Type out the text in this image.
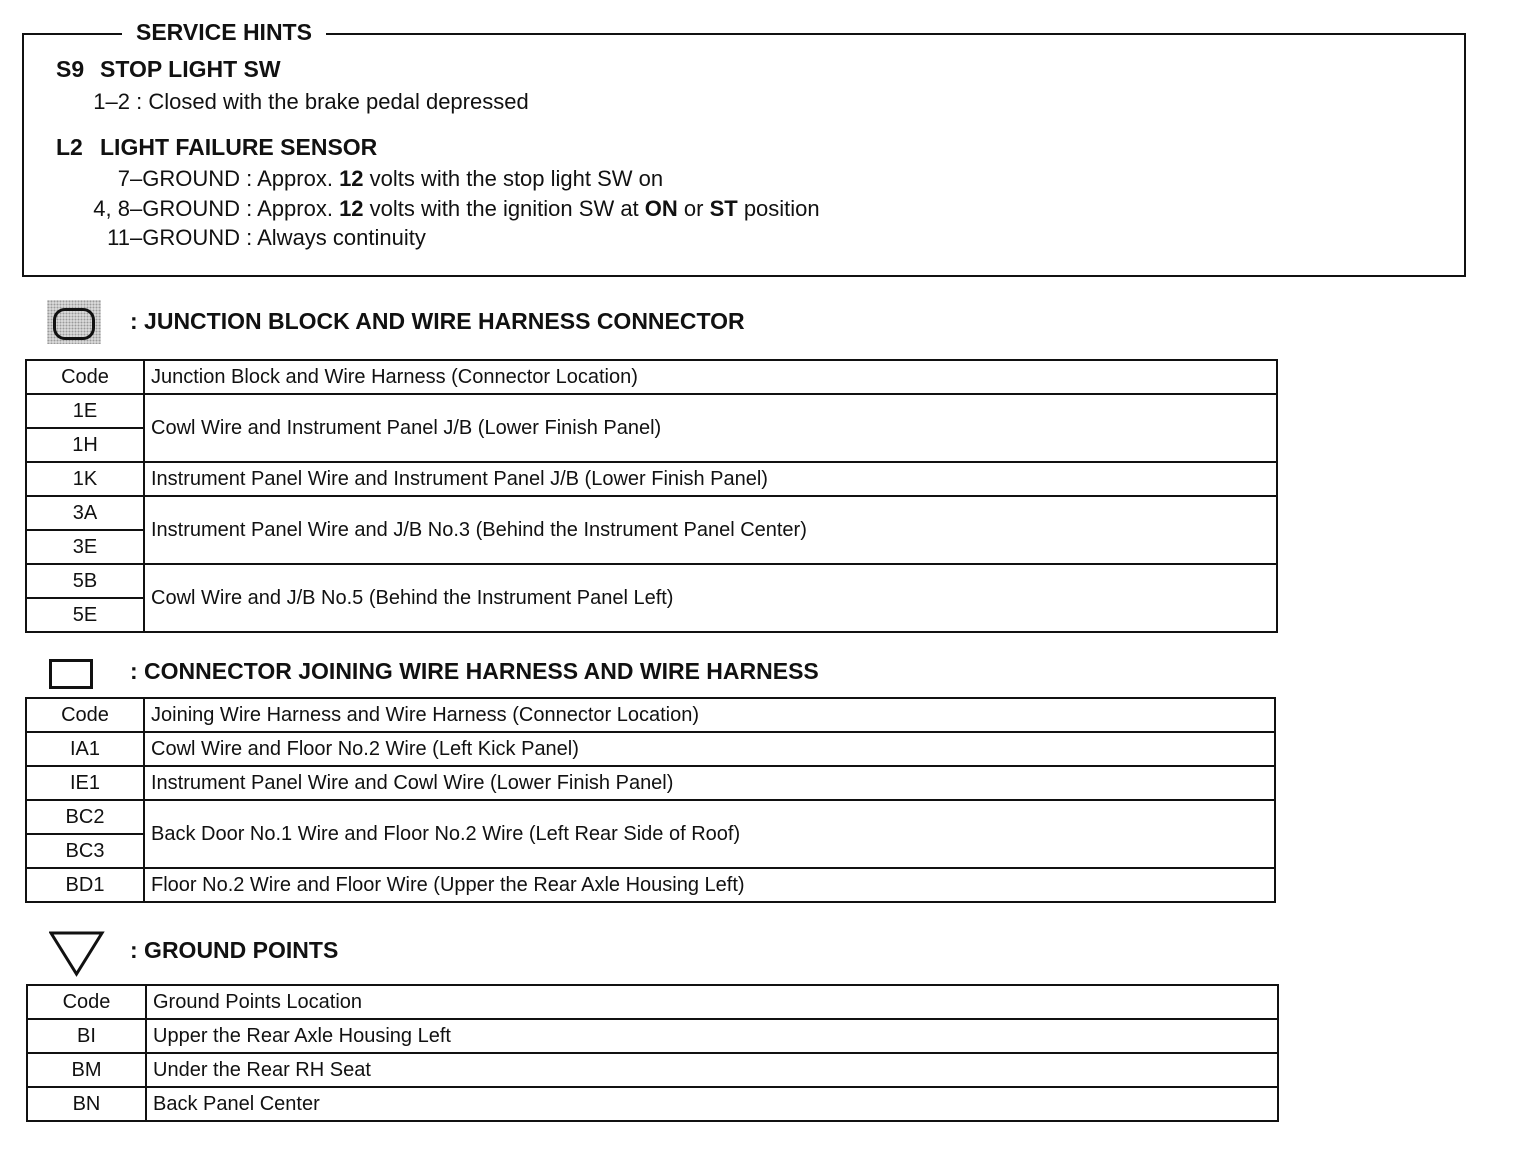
SERVICE HINTS
S9 STOP LIGHT SW
1–2 : Closed with the brake pedal depressed
L2 LIGHT FAILURE SENSOR
7–GROUND : Approx. 12 volts with the stop light SW on
4, 8–GROUND : Approx. 12 volts with the ignition SW at ON or ST position
11–GROUND : Always continuity
: JUNCTION BLOCK AND WIRE HARNESS CONNECTOR
Code	Junction Block and Wire Harness (Connector Location)
1E	Cowl Wire and Instrument Panel J/B (Lower Finish Panel)
1H	
1K	Instrument Panel Wire and Instrument Panel J/B (Lower Finish Panel)
3A	Instrument Panel Wire and J/B No.3 (Behind the Instrument Panel Center)
3E	
5B	Cowl Wire and J/B No.5 (Behind the Instrument Panel Left)
5E	
: CONNECTOR JOINING WIRE HARNESS AND WIRE HARNESS
Code	Joining Wire Harness and Wire Harness (Connector Location)
IA1	Cowl Wire and Floor No.2 Wire (Left Kick Panel)
IE1	Instrument Panel Wire and Cowl Wire (Lower Finish Panel)
BC2	Back Door No.1 Wire and Floor No.2 Wire (Left Rear Side of Roof)
BC3	
BD1	Floor No.2 Wire and Floor Wire (Upper the Rear Axle Housing Left)
: GROUND POINTS
Code	Ground Points Location
BI	Upper the Rear Axle Housing Left
BM	Under the Rear RH Seat
BN	Back Panel Center
